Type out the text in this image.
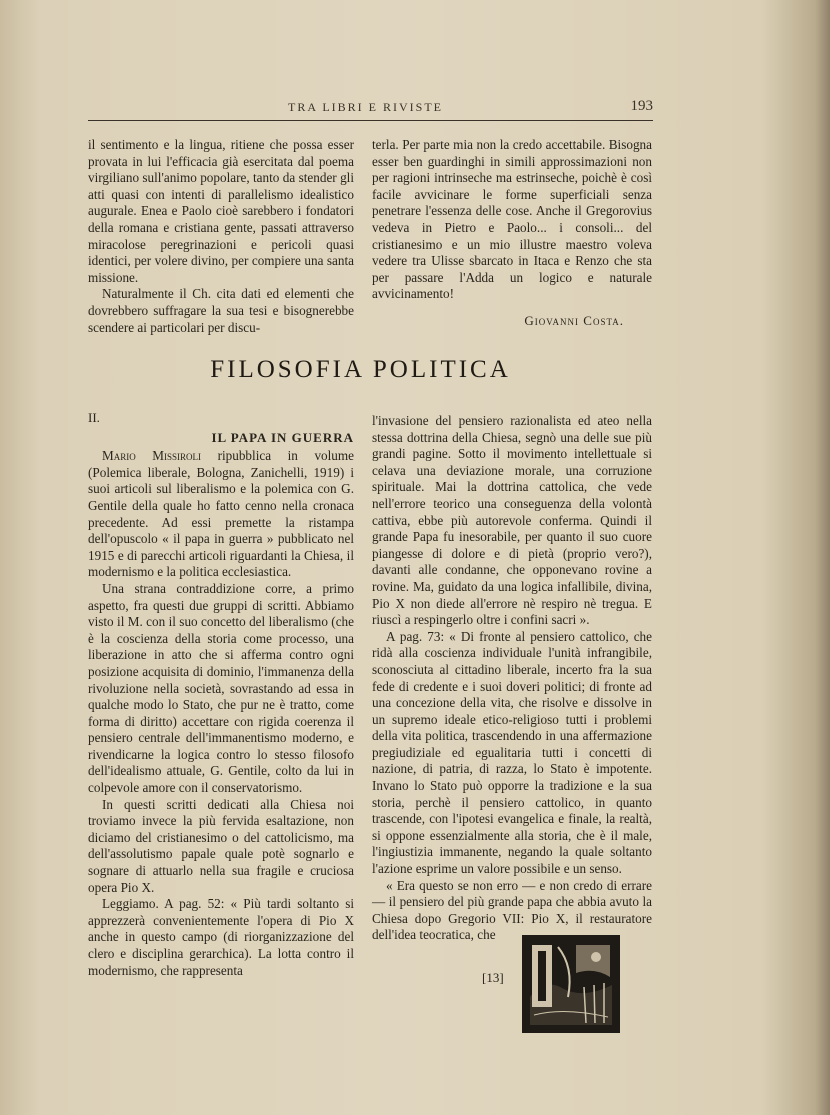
TRA LIBRI E RIVISTE	193

il sentimento e la lingua, ritiene che possa esser provata in lui l'efficacia già esercitata dal poema virgiliano sull'animo popolare, tanto da stender gli atti quasi con intenti di parallelismo idealistico augurale. Enea e Paolo cioè sarebbero i fondatori della romana e cristiana gente, passati attraverso miracolose peregrinazioni e pericoli quasi identici, per volere divino, per compiere una santa missione.

Naturalmente il Ch. cita dati ed elementi che dovrebbero suffragare la sua tesi e bisognerebbe scendere ai particolari per discu-

terla. Per parte mia non la credo accettabile. Bisogna esser ben guardinghi in simili approssimazioni non per ragioni intrinseche ma estrinseche, poichè è così facile avvicinare le forme superficiali senza penetrare l'essenza delle cose. Anche il Gregorovius vedeva in Pietro e Paolo... i consoli... del cristianesimo e un mio illustre maestro voleva vedere tra Ulisse sbarcato in Itaca e Renzo che sta per passare l'Adda un logico e naturale avvicinamento!

Giovanni Costa.
FILOSOFIA POLITICA
II.
IL PAPA IN GUERRA

Mario Missiroli ripubblica in volume (Polemica liberale, Bologna, Zanichelli, 1919) i suoi articoli sul liberalismo e la polemica con G. Gentile della quale ho fatto cenno nella cronaca precedente. Ad essi premette la ristampa dell'opuscolo « il papa in guerra » pubblicato nel 1915 e di parecchi articoli riguardanti la Chiesa, il modernismo e la politica ecclesiastica.

Una strana contraddizione corre, a primo aspetto, fra questi due gruppi di scritti. Abbiamo visto il M. con il suo concetto del liberalismo (che è la coscienza della storia come processo, una liberazione in atto che si afferma contro ogni posizione acquisita di dominio, l'immanenza della rivoluzione nella società, sovrastando ad essa in qualche modo lo Stato, che pur ne è tratto, come forma di diritto) accettare con rigida coerenza il pensiero centrale dell'immanentismo moderno, e rivendicarne la logica contro lo stesso filosofo dell'idealismo attuale, G. Gentile, colto da lui in colpevole amore con il conservatorismo.

In questi scritti dedicati alla Chiesa noi troviamo invece la più fervida esaltazione, non diciamo del cristianesimo o del cattolicismo, ma dell'assolutismo papale quale potè sognarlo e sognare di attuarlo nella sua fragile e cruciosa opera Pio X.

Leggiamo. A pag. 52: « Più tardi soltanto si apprezzerà convenientemente l'opera di Pio X anche in questo campo (di riorganizzazione del clero e disciplina gerarchica). La lotta contro il modernismo, che rappresenta

l'invasione del pensiero razionalista ed ateo nella stessa dottrina della Chiesa, segnò una delle sue più grandi pagine. Sotto il movimento intellettuale si celava una deviazione morale, una corruzione spirituale. Mai la dottrina cattolica, che vede nell'errore teorico una conseguenza della volontà cattiva, ebbe più autorevole conferma. Quindi il grande Papa fu inesorabile, per quanto il suo cuore piangesse di dolore e di pietà (proprio vero?), davanti alle condanne, che opponevano rovine a rovine. Ma, guidato da una logica infallibile, divina, Pio X non diede all'errore nè respiro nè tregua. E riuscì a respingerlo oltre i confini sacri ».

A pag. 73: « Di fronte al pensiero cattolico, che ridà alla coscienza individuale l'unità infrangibile, sconosciuta al cittadino liberale, incerto fra la sua fede di credente e i suoi doveri politici; di fronte ad una concezione della vita, che risolve e dissolve in un supremo ideale etico-religioso tutti i problemi della vita politica, trascendendo in una affermazione pregiudiziale ed egualitaria tutti i concetti di nazione, di patria, di razza, lo Stato è impotente. Invano lo Stato può opporre la tradizione e la sua storia, perchè il pensiero cattolico, in quanto trascende, con l'ipotesi evangelica e finale, la realtà, si oppone essenzialmente alla storia, che è il male, l'ingiustizia immanente, negando la quale soltanto l'azione esprime un valore possibile e un senso.

« Era questo se non erro — e non credo di errare — il pensiero del più grande papa che abbia avuto la Chiesa dopo Gregorio VII: Pio X, il restauratore dell'idea teocratica, che

[13]
